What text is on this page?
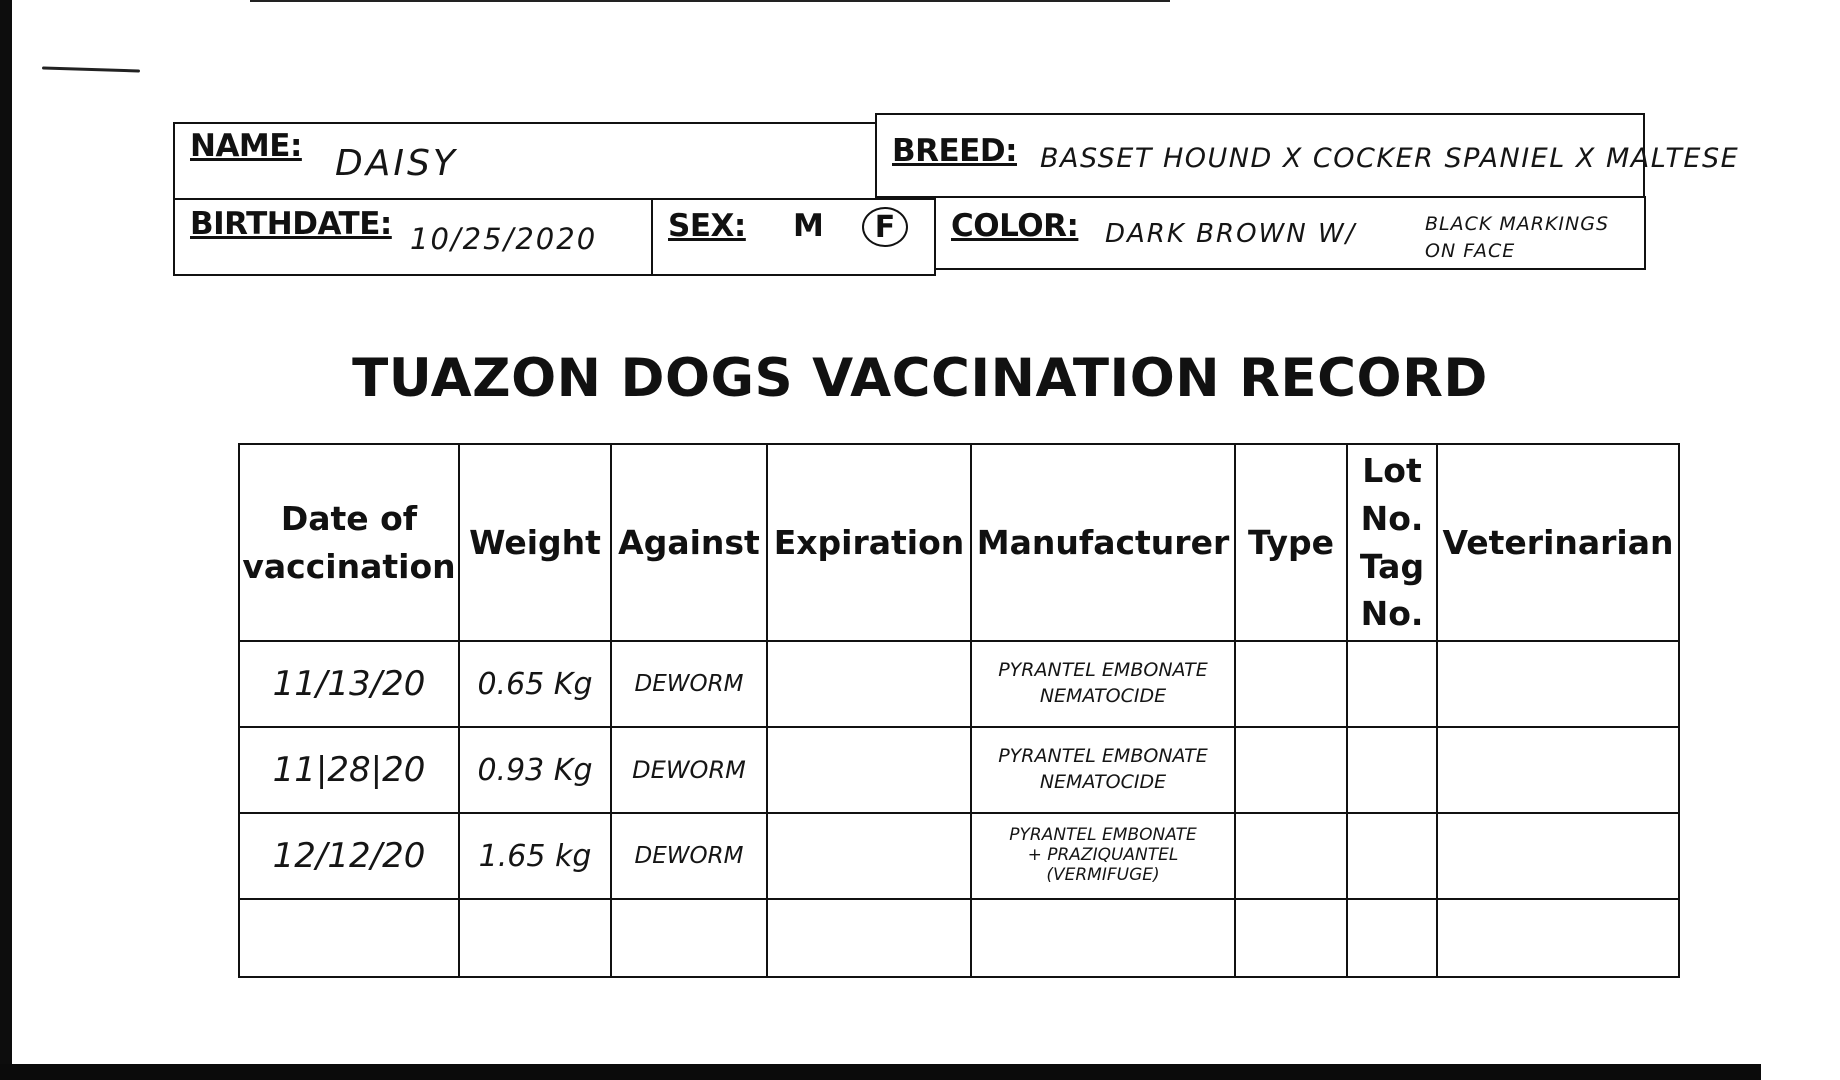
NAME: DAISY	BREED: BASSET HOUND X COCKER SPANIEL X MALTESE
BIRTHDATE: 10/25/2020 SEX: M	F	COLOR: DARK BROWN W/	BLACK MARKINGS
ON FACE
TUAZON DOGS VACCINATION RECORD
Date of
vaccination	Weight	Against	Expiration	Manufacturer	Type	Lot
No.
Tag
No.	Veterinarian
11/13/20	0.65 Kg	DEWORM		PYRANTEL EMBONATE
NEMATOCIDE			
11|28|20	0.93 Kg	DEWORM		PYRANTEL EMBONATE
NEMATOCIDE			
12/12/20	1.65 kg	DEWORM		PYRANTEL EMBONATE
+ PRAZIQUANTEL
(VERMIFUGE)			
